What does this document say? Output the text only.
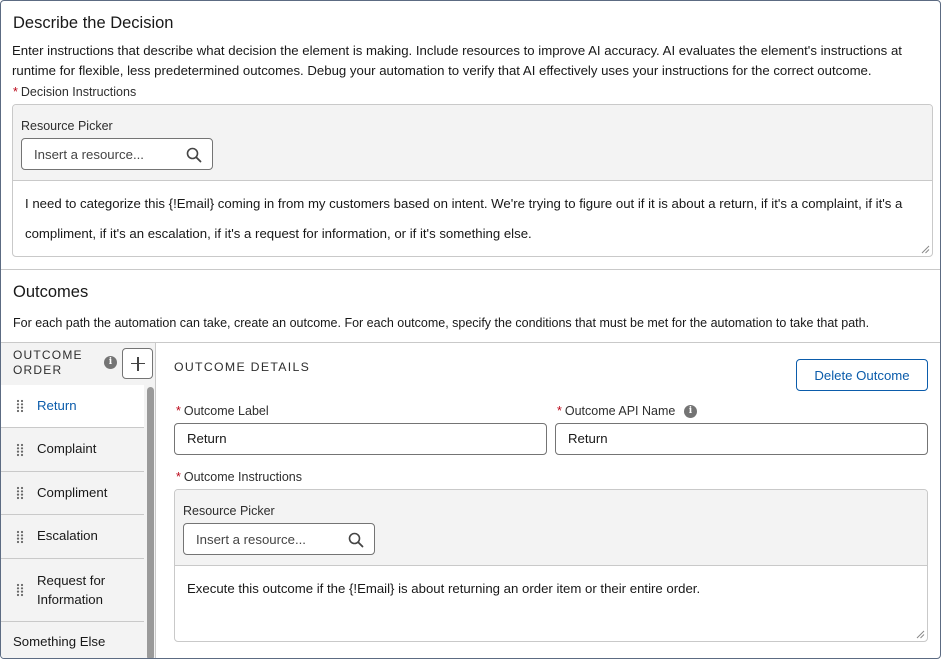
Describe the Decision
Enter instructions that describe what decision the element is making. Include resources to improve AI accuracy. AI evaluates the element's instructions at runtime for flexible, less predetermined outcomes. Debug your automation to verify that AI effectively uses your instructions for the correct outcome.
* Decision Instructions
Resource Picker
Insert a resource...
I need to categorize this {!Email} coming in from my customers based on intent. We're trying to figure out if it is about a return, if it's a complaint, if it's a compliment, if it's an escalation, if it's a request for information, or if it's something else.
Outcomes
For each path the automation can take, create an outcome. For each outcome, specify the conditions that must be met for the automation to take that path.
OUTCOME ORDER
i
Return
Complaint
Compliment
Escalation
Request for Information
Something Else
OUTCOME DETAILS
Delete Outcome
* Outcome Label
Return
* Outcome API Name	i
Return
* Outcome Instructions
Resource Picker
Insert a resource...
Execute this outcome if the {!Email} is about returning an order item or their entire order.
